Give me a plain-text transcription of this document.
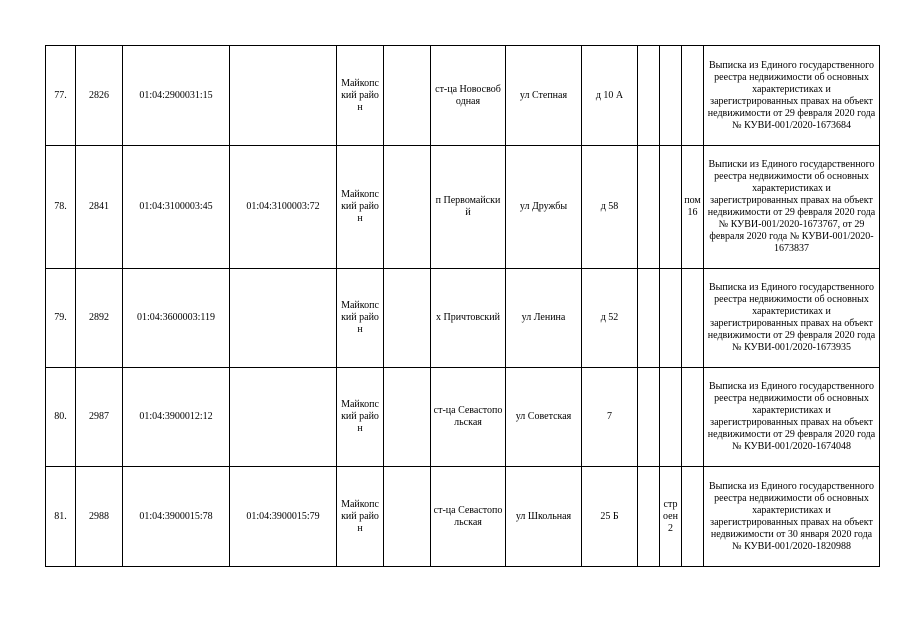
77.	2826	01:04:2900031:15		Майкопский район		ст-ца Новосвободная	ул Степная	д 10 А				Выписка из Единого государственного реестра недвижимости об основных характеристиках и зарегистрированных правах на объект недвижимости от 29 февраля 2020 года № КУВИ-001/2020-1673684
78.	2841	01:04:3100003:45	01:04:3100003:72	Майкопский район		п Первомайский	ул Дружбы	д 58			пом 16	Выписки из Единого государственного реестра недвижимости об основных характеристиках и зарегистрированных правах на объект недвижимости от 29 февраля 2020 года № КУВИ-001/2020-1673767, от 29 февраля 2020 года № КУВИ-001/2020-1673837
79.	2892	01:04:3600003:119		Майкопский район		х Причтовский	ул Ленина	д 52				Выписка из Единого государственного реестра недвижимости об основных характеристиках и зарегистрированных правах на объект недвижимости от 29 февраля 2020 года № КУВИ-001/2020-1673935
80.	2987	01:04:3900012:12		Майкопский район		ст-ца Севастопольская	ул Советская	7				Выписка из Единого государственного реестра недвижимости об основных характеристиках и зарегистрированных правах на объект недвижимости от 29 февраля 2020 года № КУВИ-001/2020-1674048
81.	2988	01:04:3900015:78	01:04:3900015:79	Майкопский район		ст-ца Севастопольская	ул Школьная	25 Б		строен 2		Выписка из Единого государственного реестра недвижимости об основных характеристиках и зарегистрированных правах на объект недвижимости от 30 января 2020 года № КУВИ-001/2020-1820988
